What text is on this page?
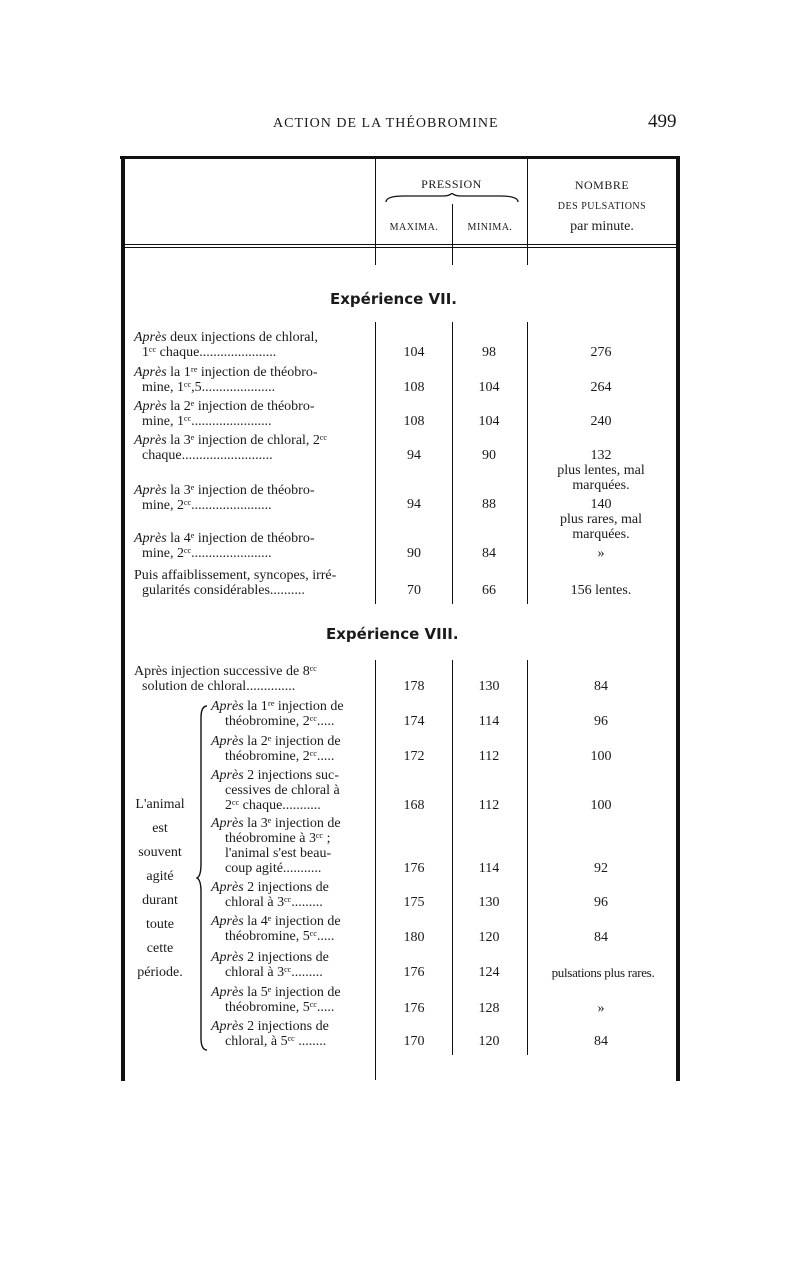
ACTION DE LA THÉOBROMINE	499
PRESSION
MAXIMA.	MINIMA.
NOMBRE
DES PULSATIONS
par minute.
Expérience VII.
Après deux injections de chloral,
1ᶜᶜ chaque......................	104	98	276
Après la 1ʳᵉ injection de théobro-
mine, 1ᶜᶜ,5.....................	108	104	264
Après la 2ᵉ injection de théobro-
mine, 1ᶜᶜ.......................	108	104	240
Après la 3ᵉ injection de chloral, 2ᶜᶜ
chaque..........................	94	90	132
plus lentes, mal
marquées.
Après la 3ᵉ injection de théobro-
mine, 2ᶜᶜ.......................	94	88	140
plus rares, mal
marquées.
Après la 4ᵉ injection de théobro-
mine, 2ᶜᶜ.......................	90	84	»
Puis affaiblissement, syncopes, irré-
gularités considérables..........	70	66	156 lentes.
Expérience VIII.
Après injection successive de 8ᶜᶜ
solution de chloral..............	178	130	84
L'animal
est
souvent
agité
durant
toute
cette
période.
Après la 1ʳᵉ injection de
théobromine, 2ᶜᶜ.....	174	114	96
Après la 2ᵉ injection de
théobromine, 2ᶜᶜ.....	172	112	100
Après 2 injections suc-
cessives de chloral à
2ᶜᶜ chaque...........	168	112	100
Après la 3ᵉ injection de
théobromine à 3ᶜᶜ ;
l'animal s'est beau-
coup agité...........	176	114	92
Après 2 injections de
chloral à 3ᶜᶜ.........	175	130	96
Après la 4ᵉ injection de
théobromine, 5ᶜᶜ.....	180	120	84
Après 2 injections de
chloral à 3ᶜᶜ.........	176	124	pulsations plus rares.
Après la 5ᵉ injection de
théobromine, 5ᶜᶜ.....	176	128	»
Après 2 injections de
chloral, à 5ᶜᶜ ........	170	120	84
